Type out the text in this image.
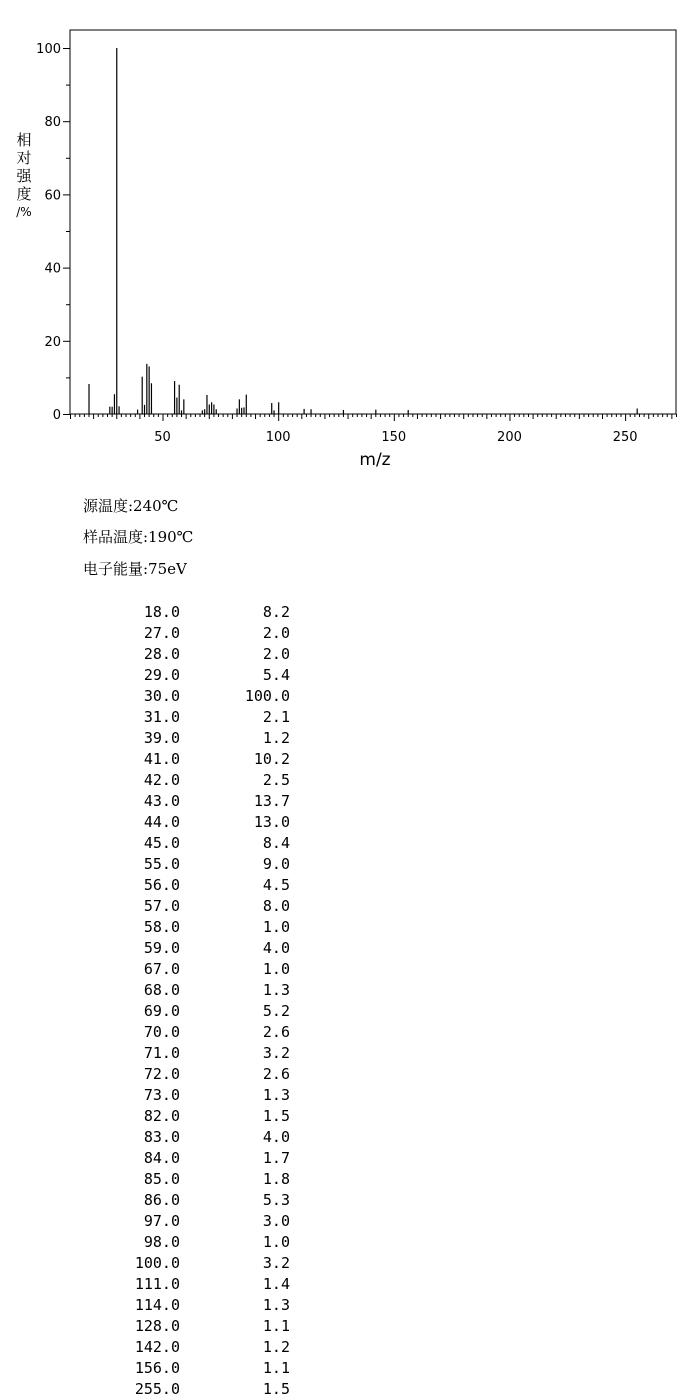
50	100	150	200	250
0
20
40
60
80
100
相
对
强
度
/%
m/z
源温度:240℃
样品温度:190℃
电子能量:75eV
18.0	8.2
27.0	2.0
28.0	2.0
29.0	5.4
30.0	100.0
31.0	2.1
39.0	1.2
41.0	10.2
42.0	2.5
43.0	13.7
44.0	13.0
45.0	8.4
55.0	9.0
56.0	4.5
57.0	8.0
58.0	1.0
59.0	4.0
67.0	1.0
68.0	1.3
69.0	5.2
70.0	2.6
71.0	3.2
72.0	2.6
73.0	1.3
82.0	1.5
83.0	4.0
84.0	1.7
85.0	1.8
86.0	5.3
97.0	3.0
98.0	1.0
100.0	3.2
111.0	1.4
114.0	1.3
128.0	1.1
142.0	1.2
156.0	1.1
255.0	1.5
